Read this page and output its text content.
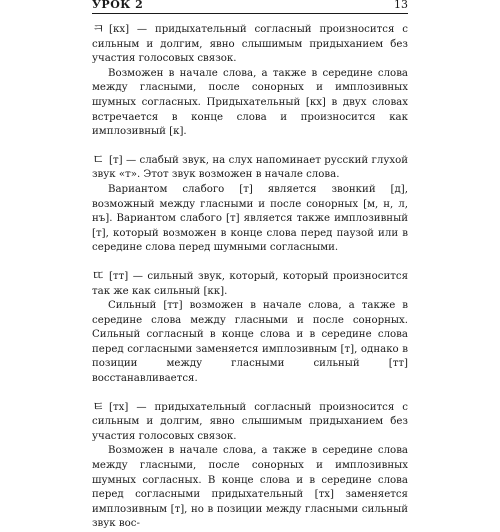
УРОК 2	13

ㅋ [кх] — придыхательный согласный произносится с сильным и долгим, явно слышимым придыханием без участия голосовых связок.

Возможен в начале слова, а также в середине слова между гласными, после сонорных и имплозивных шумных согласных. Придыхательный [кх] в двух словах встречается в конце слова и произносится как имплозивный [к].

ㄷ [т] — слабый звук, на слух напоминает русский глухой звук «т». Этот звук возможен в начале слова.

Вариантом слабого [т] является звонкий [д], возможный между гласными и после сонорных [м, н, л, нъ]. Вариантом слабого [т] является также имплозивный [т], который возможен в конце слова перед паузой или в середине слова перед шумными согласными.

ㄸ [тт] — сильный звук, который, который произносится так же как сильный [кк].

Сильный [тт] возможен в начале слова, а также в середине слова между гласными и после сонорных. Сильный согласный в конце слова и в середине слова перед согласными заменяется имплозивным [т], однако в позиции между гласными сильный [тт] восстанавливается.

ㅌ [тх] — придыхательный согласный произносится с сильным и долгим, явно слышимым придыханием без участия голосовых связок.

Возможен в начале слова, а также в середине слова между гласными, после сонорных и имплозивных шумных согласных. В конце слова и в середине слова перед согласными придыхательный [тх] заменяется имплозивным [т], но в позиции между гласными сильный звук вос-
